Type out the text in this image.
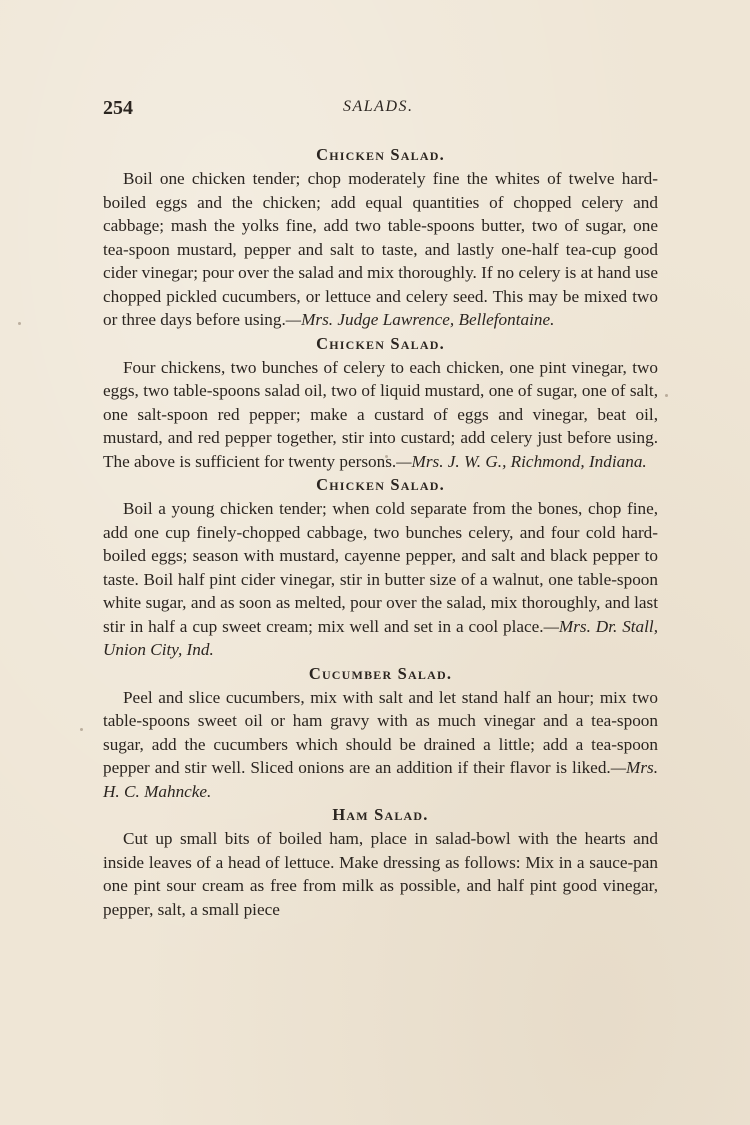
254	SALADS.
Chicken Salad.

Boil one chicken tender; chop moderately fine the whites of twelve hard-boiled eggs and the chicken; add equal quantities of chopped celery and cabbage; mash the yolks fine, add two table-spoons butter, two of sugar, one tea-spoon mustard, pepper and salt to taste, and lastly one-half tea-cup good cider vinegar; pour over the salad and mix thoroughly. If no celery is at hand use chopped pickled cucumbers, or lettuce and celery seed. This may be mixed two or three days before using.—Mrs. Judge Lawrence, Bellefontaine.

Chicken Salad.

Four chickens, two bunches of celery to each chicken, one pint vinegar, two eggs, two table-spoons salad oil, two of liquid mustard, one of sugar, one of salt, one salt-spoon red pepper; make a custard of eggs and vinegar, beat oil, mustard, and red pepper together, stir into custard; add celery just before using. The above is sufficient for twenty persons.—Mrs. J. W. G., Richmond, Indiana.

Chicken Salad.

Boil a young chicken tender; when cold separate from the bones, chop fine, add one cup finely-chopped cabbage, two bunches celery, and four cold hard-boiled eggs; season with mustard, cayenne pepper, and salt and black pepper to taste. Boil half pint cider vinegar, stir in butter size of a walnut, one table-spoon white sugar, and as soon as melted, pour over the salad, mix thoroughly, and last stir in half a cup sweet cream; mix well and set in a cool place.—Mrs. Dr. Stall, Union City, Ind.

Cucumber Salad.

Peel and slice cucumbers, mix with salt and let stand half an hour; mix two table-spoons sweet oil or ham gravy with as much vinegar and a tea-spoon sugar, add the cucumbers which should be drained a little; add a tea-spoon pepper and stir well. Sliced onions are an addition if their flavor is liked.—Mrs. H. C. Mahncke.

Ham Salad.

Cut up small bits of boiled ham, place in salad-bowl with the hearts and inside leaves of a head of lettuce. Make dressing as follows: Mix in a sauce-pan one pint sour cream as free from milk as possible, and half pint good vinegar, pepper, salt, a small piece
